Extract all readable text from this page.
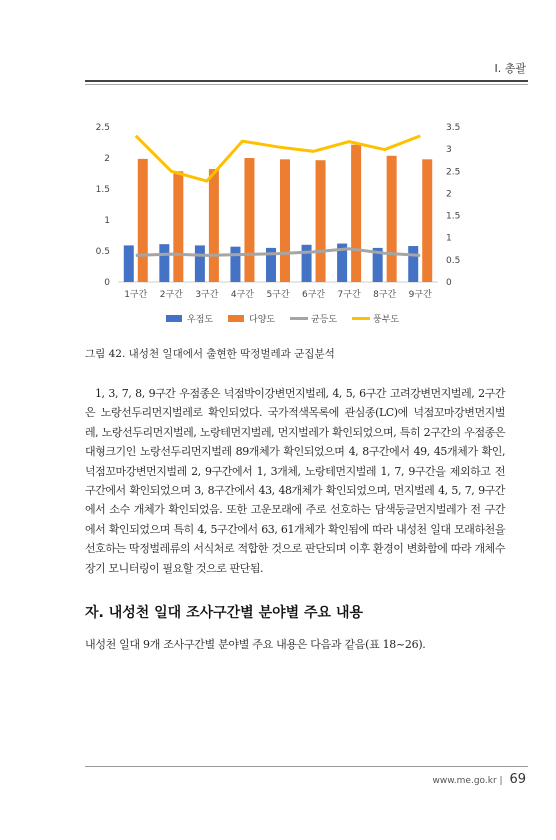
I. 총괄
0
0.5
1
1.5
2
2.5
0
0.5
1
1.5
2
2.5
3
3.5
1구간 2구간 3구간 4구간 5구간 6구간 7구간 8구간 9구간
우점도	다양도	균등도	풍부도
그림 42. 내성천 일대에서 출현한 딱정벌레과 군집분석

1, 3, 7, 8, 9구간 우점종은 넉점박이강변먼지벌레, 4, 5, 6구간 고려강변먼지벌레, 2구간은 노랑선두리먼지벌레로 확인되었다. 국가적색목록에 관심종(LC)에 넉점꼬마강변먼지벌레, 노랑선두리먼지벌레, 노랑테먼지벌레, 먼지벌레가 확인되었으며, 특히 2구간의 우점종은 대형크기인 노랑선두리먼지벌레 89개체가 확인되었으며 4, 8구간에서 49, 45개체가 확인, 넉점꼬마강변먼지벌레 2, 9구간에서 1, 3개체, 노랑테먼지벌레 1, 7, 9구간을 제외하고 전 구간에서 확인되었으며 3, 8구간에서 43, 48개체가 확인되었으며, 먼지벌레 4, 5, 7, 9구간에서 소수 개체가 확인되었음. 또한 고운모래에 주로 선호하는 담색둥글먼지벌레가 전 구간에서 확인되었으며 특히 4, 5구간에서 63, 61개체가 확인됨에 따라 내성천 일대 모래하천을 선호하는 딱정벌레류의 서식처로 적합한 것으로 판단되며 이후 환경이 변화함에 따라 개체수 장기 모니터링이 필요할 것으로 판단됨.

자. 내성천 일대 조사구간별 분야별 주요 내용
내성천 일대 9개 조사구간별 분야별 주요 내용은 다음과 같음(표 18~26).
www.me.go.kr | 69
